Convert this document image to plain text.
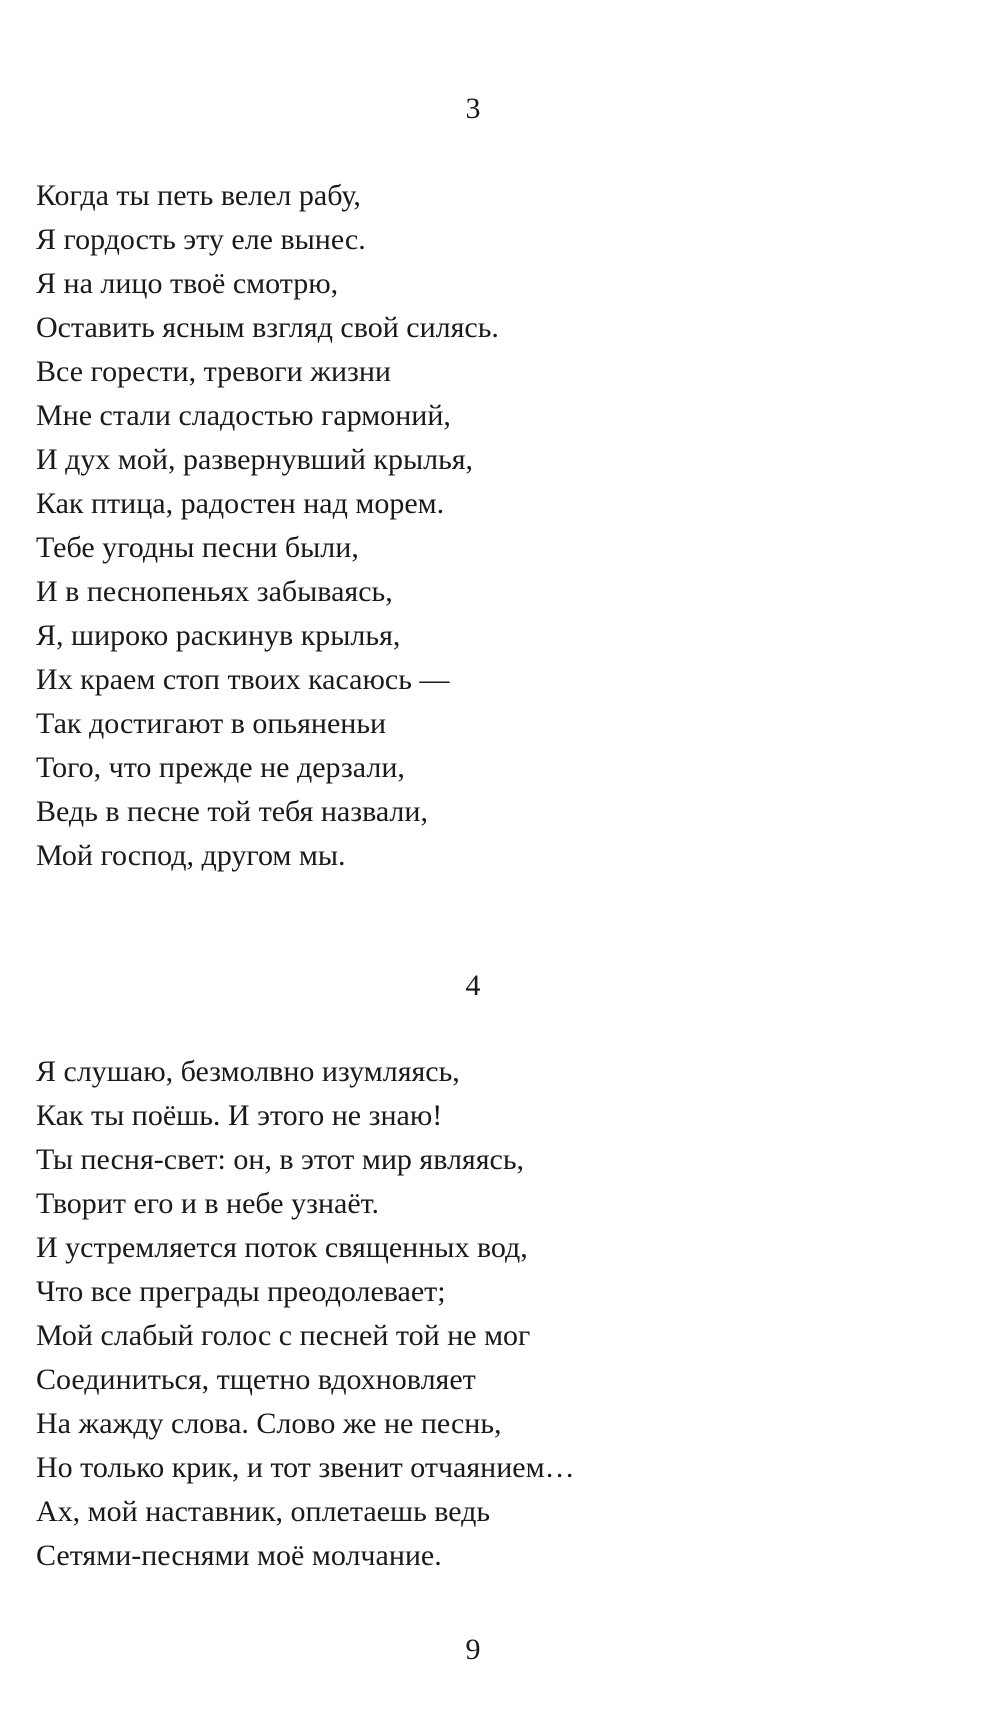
3
Когда ты петь велел рабу,
Я гордость эту еле вынес.
Я на лицо твоё смотрю,
Оставить ясным взгляд свой силясь.
Все горести, тревоги жизни
Мне стали сладостью гармоний,
И дух мой, развернувший крылья,
Как птица, радостен над морем.
Тебе угодны песни были,
И в песнопеньях забываясь,
Я, широко раскинув крылья,
Их краем стоп твоих касаюсь —
Так достигают в опьяненьи
Того, что прежде не дерзали,
Ведь в песне той тебя назвали,
Мой господ, другом мы.
4
Я слушаю, безмолвно изумляясь,
Как ты поёшь. И этого не знаю!
Ты песня-свет: он, в этот мир являясь,
Творит его и в небе узнаёт.
И устремляется поток священных вод,
Что все преграды преодолевает;
Мой слабый голос с песней той не мог
Соединиться, тщетно вдохновляет
На жажду слова. Слово же не песнь,
Но только крик, и тот звенит отчаянием…
Ах, мой наставник, оплетаешь ведь
Сетями-песнями моё молчание.
9
